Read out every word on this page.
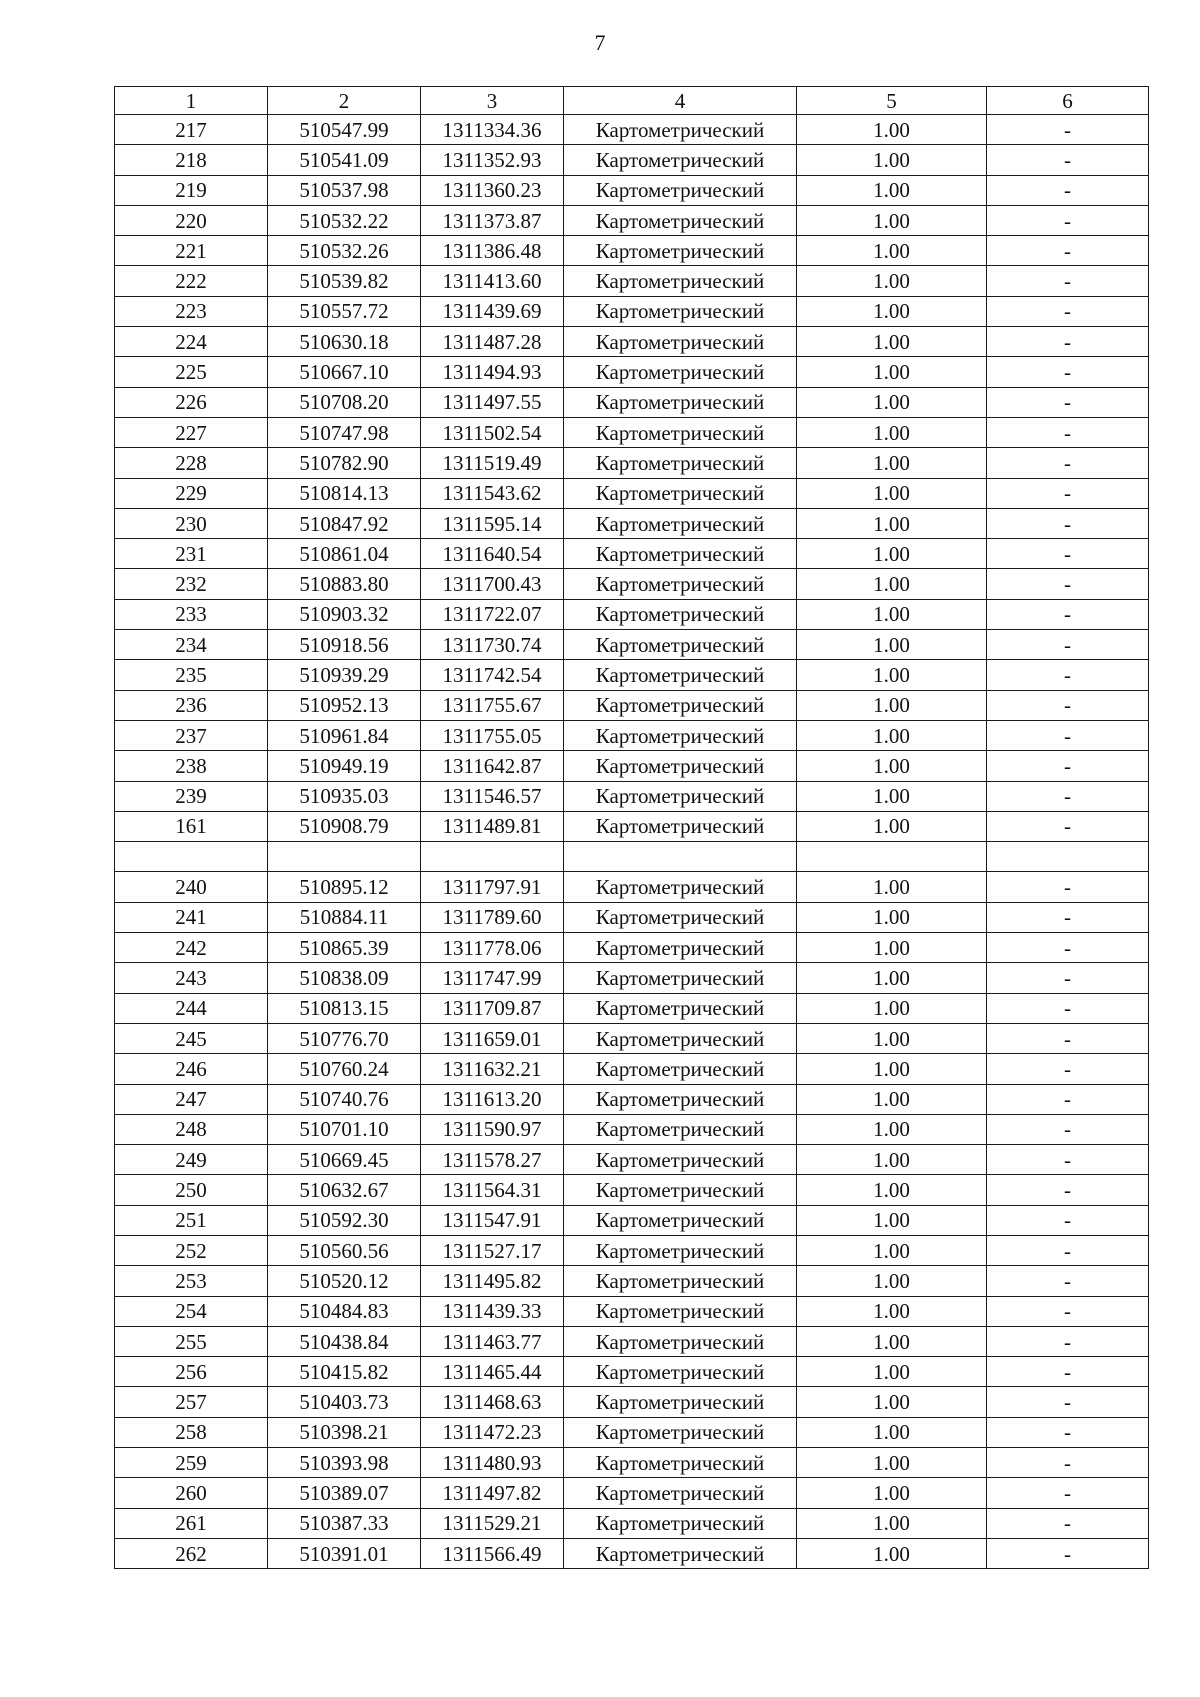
7
1	2	3	4	5	6
217	510547.99	1311334.36	Картометрический	1.00	-
218	510541.09	1311352.93	Картометрический	1.00	-
219	510537.98	1311360.23	Картометрический	1.00	-
220	510532.22	1311373.87	Картометрический	1.00	-
221	510532.26	1311386.48	Картометрический	1.00	-
222	510539.82	1311413.60	Картометрический	1.00	-
223	510557.72	1311439.69	Картометрический	1.00	-
224	510630.18	1311487.28	Картометрический	1.00	-
225	510667.10	1311494.93	Картометрический	1.00	-
226	510708.20	1311497.55	Картометрический	1.00	-
227	510747.98	1311502.54	Картометрический	1.00	-
228	510782.90	1311519.49	Картометрический	1.00	-
229	510814.13	1311543.62	Картометрический	1.00	-
230	510847.92	1311595.14	Картометрический	1.00	-
231	510861.04	1311640.54	Картометрический	1.00	-
232	510883.80	1311700.43	Картометрический	1.00	-
233	510903.32	1311722.07	Картометрический	1.00	-
234	510918.56	1311730.74	Картометрический	1.00	-
235	510939.29	1311742.54	Картометрический	1.00	-
236	510952.13	1311755.67	Картометрический	1.00	-
237	510961.84	1311755.05	Картометрический	1.00	-
238	510949.19	1311642.87	Картометрический	1.00	-
239	510935.03	1311546.57	Картометрический	1.00	-
161	510908.79	1311489.81	Картометрический	1.00	-

240	510895.12	1311797.91	Картометрический	1.00	-
241	510884.11	1311789.60	Картометрический	1.00	-
242	510865.39	1311778.06	Картометрический	1.00	-
243	510838.09	1311747.99	Картометрический	1.00	-
244	510813.15	1311709.87	Картометрический	1.00	-
245	510776.70	1311659.01	Картометрический	1.00	-
246	510760.24	1311632.21	Картометрический	1.00	-
247	510740.76	1311613.20	Картометрический	1.00	-
248	510701.10	1311590.97	Картометрический	1.00	-
249	510669.45	1311578.27	Картометрический	1.00	-
250	510632.67	1311564.31	Картометрический	1.00	-
251	510592.30	1311547.91	Картометрический	1.00	-
252	510560.56	1311527.17	Картометрический	1.00	-
253	510520.12	1311495.82	Картометрический	1.00	-
254	510484.83	1311439.33	Картометрический	1.00	-
255	510438.84	1311463.77	Картометрический	1.00	-
256	510415.82	1311465.44	Картометрический	1.00	-
257	510403.73	1311468.63	Картометрический	1.00	-
258	510398.21	1311472.23	Картометрический	1.00	-
259	510393.98	1311480.93	Картометрический	1.00	-
260	510389.07	1311497.82	Картометрический	1.00	-
261	510387.33	1311529.21	Картометрический	1.00	-
262	510391.01	1311566.49	Картометрический	1.00	-
